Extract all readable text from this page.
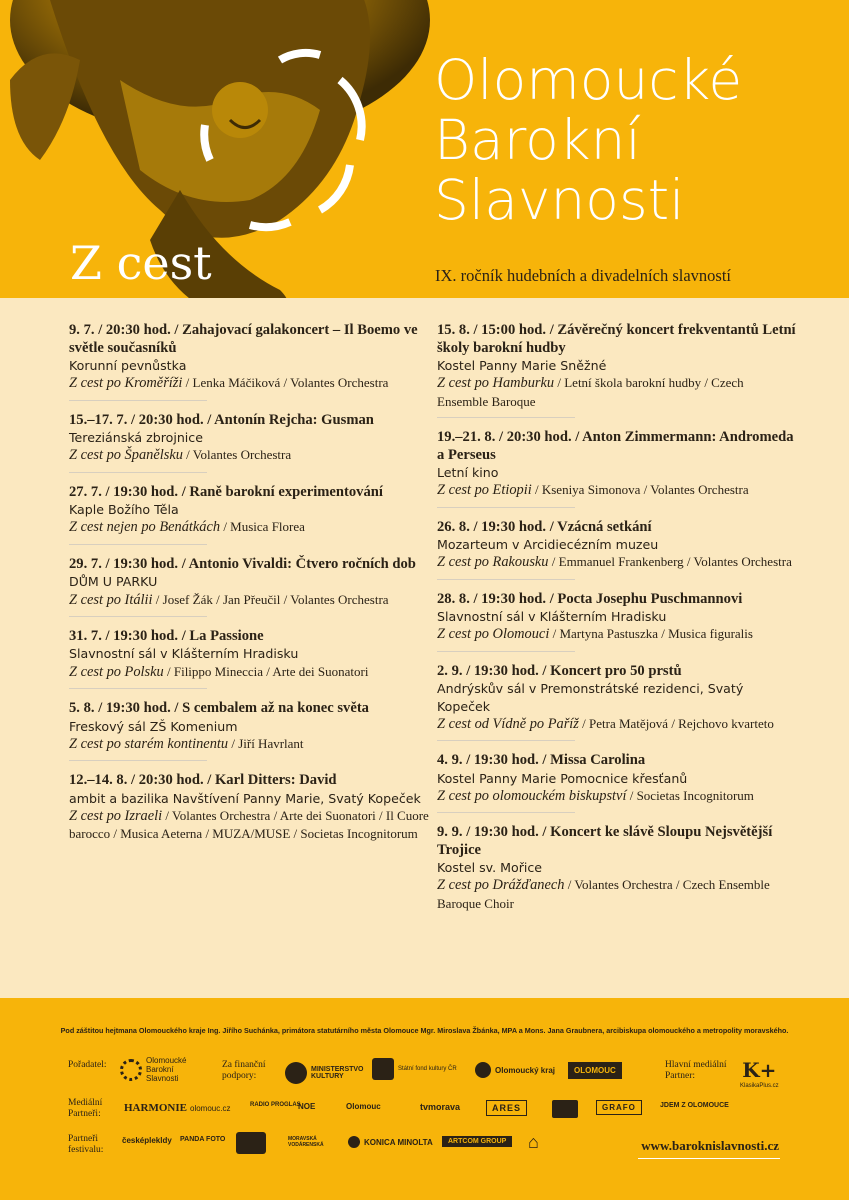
Olomoucké
Barokní
Slavnosti
Z cest	IX. ročník hudebních a divadelních slavností
9. 7. / 20:30 hod. / Zahajovací galakoncert – Il Boemo ve světle současníků
Korunní pevnůstka
Z cest po Kroměříži / Lenka Máčiková / Volantes Orchestra
15.–17. 7. / 20:30 hod. / Antonín Rejcha: Gusman
Tereziánská zbrojnice
Z cest po Španělsku / Volantes Orchestra
27. 7. / 19:30 hod. / Raně barokní experimentování
Kaple Božího Těla
Z cest nejen po Benátkách / Musica Florea
29. 7. / 19:30 hod. / Antonio Vivaldi: Čtvero ročních dob
DŮM U PARKU
Z cest po Itálii / Josef Žák / Jan Přeučil / Volantes Orchestra
31. 7. / 19:30 hod. / La Passione
Slavnostní sál v Klášterním Hradisku
Z cest po Polsku / Filippo Mineccia / Arte dei Suonatori
5. 8. / 19:30 hod. / S cembalem až na konec světa
Freskový sál ZŠ Komenium
Z cest po starém kontinentu / Jiří Havrlant
12.–14. 8. / 20:30 hod. / Karl Ditters: David
ambit a bazilika Navštívení Panny Marie, Svatý Kopeček
Z cest po Izraeli / Volantes Orchestra / Arte dei Suonatori / Il Cuore barocco / Musica Aeterna / MUZA/MUSE / Societas Incognitorum
15. 8. / 15:00 hod. / Závěrečný koncert frekventantů Letní školy barokní hudby
Kostel Panny Marie Sněžné
Z cest po Hamburku / Letní škola barokní hudby / Czech Ensemble Baroque
19.–21. 8. / 20:30 hod. / Anton Zimmermann: Andromeda a Perseus
Letní kino
Z cest po Etiopii / Kseniya Simonova / Volantes Orchestra
26. 8. / 19:30 hod. / Vzácná setkání
Mozarteum v Arcidiecézním muzeu
Z cest po Rakousku / Emmanuel Frankenberg / Volantes Orchestra
28. 8. / 19:30 hod. / Pocta Josephu Puschmannovi
Slavnostní sál v Klášterním Hradisku
Z cest po Olomouci / Martyna Pastuszka / Musica figuralis
2. 9. / 19:30 hod. / Koncert pro 50 prstů
Andrýskův sál v Premonstrátské rezidenci, Svatý Kopeček
Z cest od Vídně po Paříž / Petra Matějová / Rejchovo kvarteto
4. 9. / 19:30 hod. / Missa Carolina
Kostel Panny Marie Pomocnice křesťanů
Z cest po olomouckém biskupství / Societas Incognitorum
9. 9. / 19:30 hod. / Koncert ke slávě Sloupu Nejsvětější Trojice
Kostel sv. Mořice
Z cest po Drážďanech / Volantes Orchestra / Czech Ensemble Baroque Choir
Pod záštitou hejtmana Olomouckého kraje Ing. Jiřího Suchánka, primátora statutárního města Olomouce Mgr. Miroslava Žbánka, MPA a Mons. Jana Graubnera, arcibiskupa olomouckého a metropolity moravského.
Pořadatel:	Olomoucké Barokní Slavnosti
Za finanční podpory:
MINISTERSTVO KULTURY
Státní fond kultury ČR	Olomoucký kraj	OLOMOUC
Hlavní mediální Partner:	K+
KlasikaPlus.cz
Mediální Partneři:	HARMONIE olomouc.cz	RADIO PROGLAS
NOE	Olomouc	tvmorava	ARES	GRAFO	JDEM Z OLOMOUCE
Partneři festivalu:
česképlekldy PANDA FOTO	MORAVSKÁ VODÁRENSKÁ	KONICA MINOLTA	ARTCOM GROUP	⌂	www.baroknislavnosti.cz
